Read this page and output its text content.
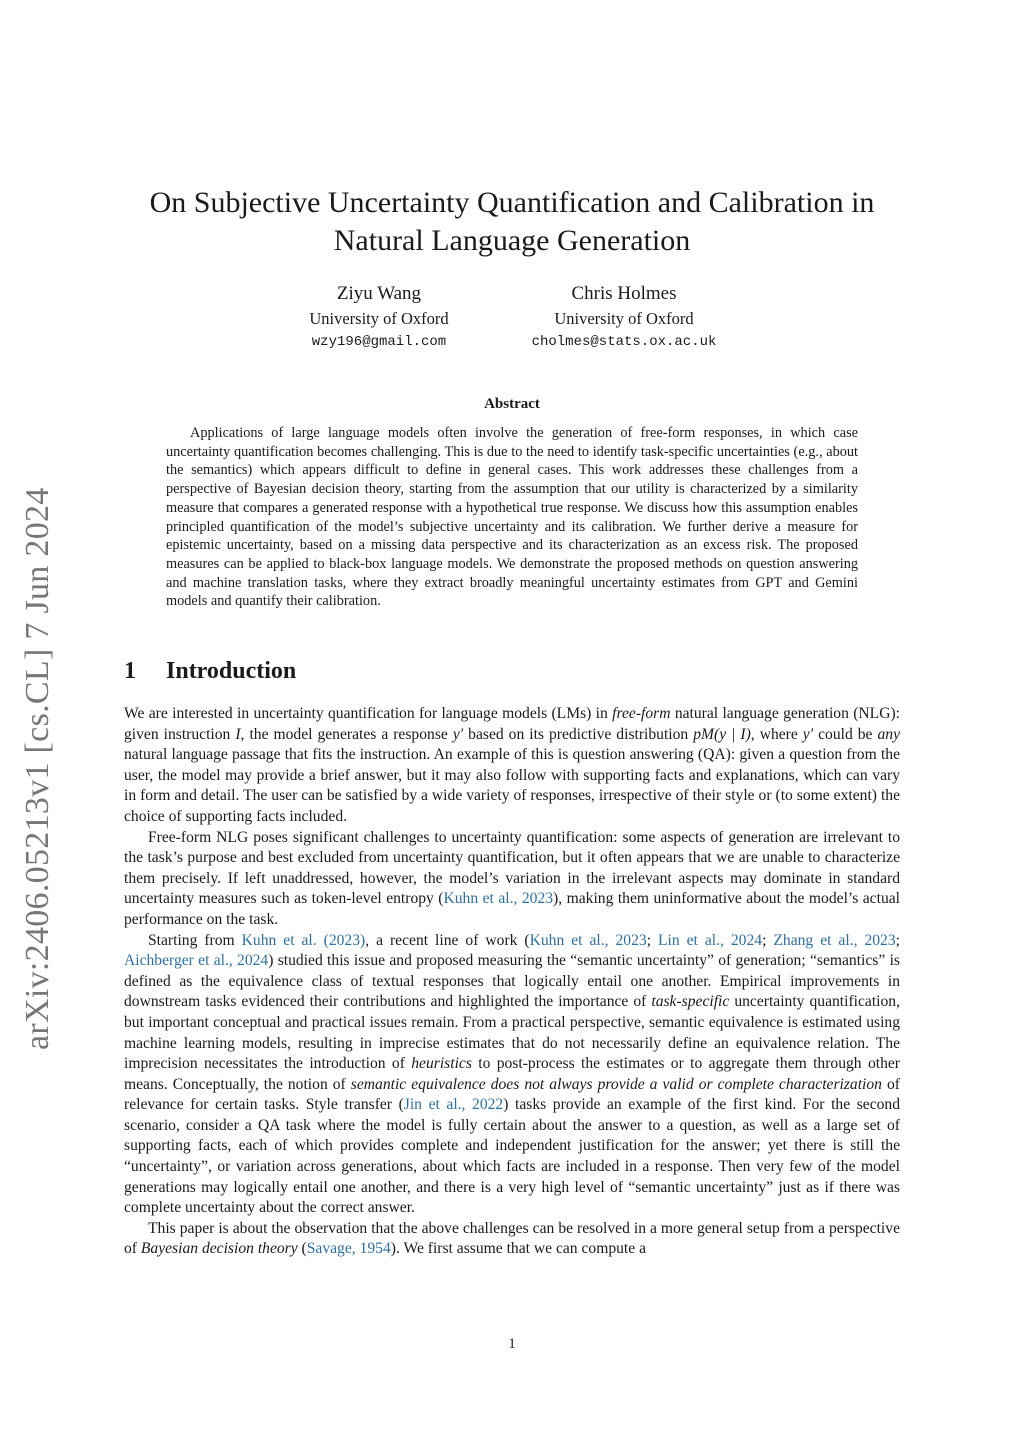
arXiv:2406.05213v1 [cs.CL] 7 Jun 2024
On Subjective Uncertainty Quantification and Calibration in Natural Language Generation
Ziyu Wang
University of Oxford
wzy196@gmail.com
Chris Holmes
University of Oxford
cholmes@stats.ox.ac.uk
Abstract

Applications of large language models often involve the generation of free-form responses, in which case uncertainty quantification becomes challenging. This is due to the need to identify task-specific uncertainties (e.g., about the semantics) which appears difficult to define in general cases. This work addresses these challenges from a perspective of Bayesian decision theory, starting from the assumption that our utility is characterized by a similarity measure that compares a generated response with a hypothetical true response. We discuss how this assumption enables principled quantification of the model’s subjective uncertainty and its calibration. We further derive a measure for epistemic uncertainty, based on a missing data perspective and its characterization as an excess risk. The proposed measures can be applied to black-box language models. We demonstrate the proposed methods on question answering and machine translation tasks, where they extract broadly meaningful uncertainty estimates from GPT and Gemini models and quantify their calibration.

1 Introduction

We are interested in uncertainty quantification for language models (LMs) in free-form natural language generation (NLG): given instruction I, the model generates a response y′ based on its predictive distribution pM(y | I), where y′ could be any natural language passage that fits the instruction. An example of this is question answering (QA): given a question from the user, the model may provide a brief answer, but it may also follow with supporting facts and explanations, which can vary in form and detail. The user can be satisfied by a wide variety of responses, irrespective of their style or (to some extent) the choice of supporting facts included.

Free-form NLG poses significant challenges to uncertainty quantification: some aspects of generation are irrelevant to the task’s purpose and best excluded from uncertainty quantification, but it often appears that we are unable to characterize them precisely. If left unaddressed, however, the model’s variation in the irrelevant aspects may dominate in standard uncertainty measures such as token-level entropy (Kuhn et al., 2023), making them uninformative about the model’s actual performance on the task.

Starting from Kuhn et al. (2023), a recent line of work (Kuhn et al., 2023; Lin et al., 2024; Zhang et al., 2023; Aichberger et al., 2024) studied this issue and proposed measuring the “semantic uncertainty” of generation; “semantics” is defined as the equivalence class of textual responses that logically entail one another. Empirical improvements in downstream tasks evidenced their contributions and highlighted the importance of task-specific uncertainty quantification, but important conceptual and practical issues remain. From a practical perspective, semantic equivalence is estimated using machine learning models, resulting in imprecise estimates that do not necessarily define an equivalence relation. The imprecision necessitates the introduction of heuristics to post-process the estimates or to aggregate them through other means. Conceptually, the notion of semantic equivalence does not always provide a valid or complete characterization of relevance for certain tasks. Style transfer (Jin et al., 2022) tasks provide an example of the first kind. For the second scenario, consider a QA task where the model is fully certain about the answer to a question, as well as a large set of supporting facts, each of which provides complete and independent justification for the answer; yet there is still the “uncertainty”, or variation across generations, about which facts are included in a response. Then very few of the model generations may logically entail one another, and there is a very high level of “semantic uncertainty” just as if there was complete uncertainty about the correct answer.

This paper is about the observation that the above challenges can be resolved in a more general setup from a perspective of Bayesian decision theory (Savage, 1954). We first assume that we can compute a

1
